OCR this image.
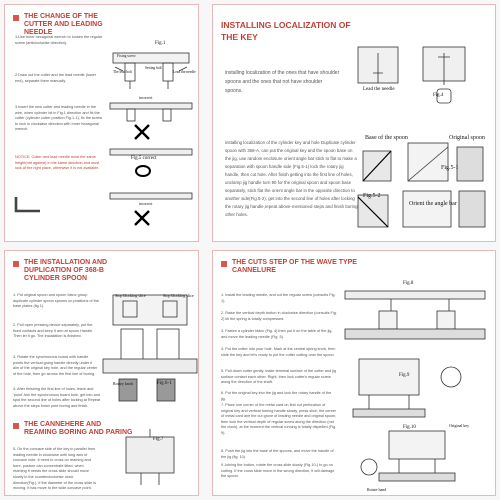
THE CHANGE OF THE CUTTER AND LEADING NEEDLE
1.Use Inner hexagonal wrench to loosen the regular screw (anticlockwise direction).
2.Draw out the cutter and the lead needle (lower end), separate them manually.
3.Insert the new cutter and leading needle in the wire, when cylinder bit in Fig.1 direction and fix the cutter (cylinder cutter position Fig.1-1), fix the screw to lock in clockwise direction with Inner hexagonal wrench.
NOTICE: Cutter and lead needle must the same height(not against) in the same direction,and must lock at the right place, otherwise it is not available.
Fig.1
Fixing screw
The lead bolt
Setting bolt
Lead the needle
incorrect
Fig.5 correct
incorrect
INSTALLING LOCALIZATION OF THE KEY
installing localization of the ones that have shoulder spoons and the ones that not have shoulder spoons.
installing localization of the cylinder key and hole Duplicate cylinder spoon with 368-A, can put the original key and the spoon base on the jig, use random enclosure orient angle bar stick to flat to make a separation with spoon handle side (Fig.5-1) lock the rotary jig handle, then cut hole. After finish getting into the first line of holes, unclamp jig handle turn 90 for the original spoon and spoon base separately, stick flat the orient angle bar in the opposite direction to another side(Fig.5-2), get into the second line of holes after locking the rotary jig handle,repeat above-mentioned steps and finish boring other holes.
Lead the needle
Fig.4
Base of the spoon	Original spoon
Fig.5-1
Fig.5-2
Orient the angle bar
THE INSTALLATION AND DUPLICATION OF 368-B CYLINDER SPOON
1. Put original spoon and spoon blanc group duplicate cylinder spoon spoons on positions of the base plates (fig 1).
2. Pull open pressing device separately, put the fixed contacts and keep it arm at spoon Handle. Then let it go. The installation is finished.
3. Rotate the synchronous board with handle points the vertical going handle directly under it aim of the original key hole, and the regular center of the hole, then go across the first line of boring.
4. After finishing the first line of holes, leave and 'point' Aim the synchronous board hole, get into and spot the second line of holes after locking at Repeat above the steps finish pore boring and finish.
THE CANNEHERE AND REAMING BORING AND PARING
5. On the concave side of the key in parallel from leading needle in clockwise until long axis of concave hole. It need to cross on reaming and bore, posture can concentrate tilted, when reaming it needs the cross slide should move slowly in the counterclockwise clock direction(Fig.). If the diameter of the cross slide is moving, it has move to the wide concave point.
Stop blocking slice	Stop blocking slice
Rotary knob	Fig.6-1
Fig.7
THE CUTS STEP OF THE WAVE TYPE CANNELURE
1. Install the leading needle, and cut the regular screw (consults Fig. 1).
2. Raise the vertical depth button in clockwise direction (consults Fig. 2) till the spring is totally compressed.
3. Fasten a cylinder blanc (Fig. 4) then put it on the table of the jig, and move the leading needle (Fig. 5).
4. Put the cutter into your hole. Mark at the central spring knob, then slide the key and let's ready to put the cutter cutting onto the spoon.
5. Pull down cutter gently, make terminal surface of the cutter and jig surface contact each other. Right, then lock cutter's regular screw along the direction of the shaft.
6. Put the original key into the jig and lock the rotary handle of the jig.
7. Place one corner of the metal card on first cut perforation of original key and vertical turning handle slowly, press slice, the center of metal card aim the cut grove of leading needle and original spoon, then lock the vertical depth of regular screw along the direction (not the clock), at the moment the vertical running is totally dispelled (Fig. 9).
8. Push the jig into the base of the spoons, and move the handle of the jig (fig. 10).
9.Joining the button, rotate the cross slide slowly (Fig.10-) to go on cutting. If the cross slide move in the wrong direction, it will damage the spoon.
Fig.8
Fig.9
Rotate hand
Fig.10	Original key
